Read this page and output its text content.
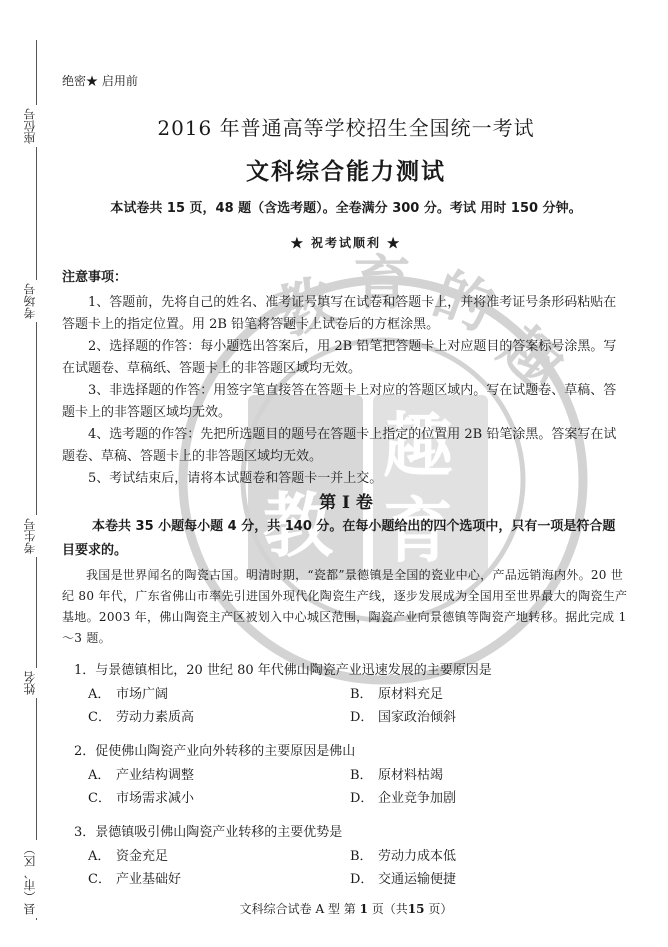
座位号
考场号
考生号
姓名
县（市、区）
教 育 的
趣
趣
教 育
绝密★ 启用前
2016 年普通高等学校招生全国统一考试
文科综合能力测试
本试卷共 15 页，48 题（含选考题）。全卷满分 300 分。考试 用时 150 分钟。
★ 祝考试顺利 ★
注意事项：

1、答题前，先将自己的姓名、准考证号填写在试卷和答题卡上，并将准考证号条形码粘贴在答题卡上的指定位置。用 2B 铅笔将答题卡上试卷后的方框涂黑。

2、选择题的作答：每小题选出答案后，用 2B 铅笔把答题卡上对应题目的答案标号涂黑。写在试题卷、草稿纸、答题卡上的非答题区域均无效。

3、非选择题的作答：用签字笔直接答在答题卡上对应的答题区域内。写在试题卷、草稿、答题卡上的非答题区域均无效。

4、选考题的作答：先把所选题目的题号在答题卡上指定的位置用 2B 铅笔涂黑。答案写在试题卷、草稿、答题卡上的非答题区域均无效。

5、考试结束后，请将本试题卷和答题卡一并上交。

第 I 卷
本卷共 35 小题每小题 4 分，共 140 分。在每小题给出的四个选项中，只有一项是符合题目要求的。
我国是世界闻名的陶瓷古国。明清时期，“瓷都”景德镇是全国的瓷业中心，产品远销海内外。20 世纪 80 年代，广东省佛山市率先引进国外现代化陶瓷生产线，逐步发展成为全国用至世界最大的陶瓷生产基地。2003 年，佛山陶瓷主产区被划入中心城区范围，陶瓷产业向景德镇等陶瓷产地转移。据此完成 1～3 题。
1．与景德镇相比，20 世纪 80 年代佛山陶瓷产业迅速发展的主要原因是
A． 市场广阔	B． 原材料充足
C． 劳动力素质高	D． 国家政治倾斜
2．促使佛山陶瓷产业向外转移的主要原因是佛山
A． 产业结构调整	B． 原材料枯竭
C． 市场需求减小	D． 企业竞争加剧
3．景德镇吸引佛山陶瓷产业转移的主要优势是
A． 资金充足	B． 劳动力成本低
C． 产业基础好	D． 交通运输便捷
文科综合试卷 A 型 第 1 页（共15 页）
